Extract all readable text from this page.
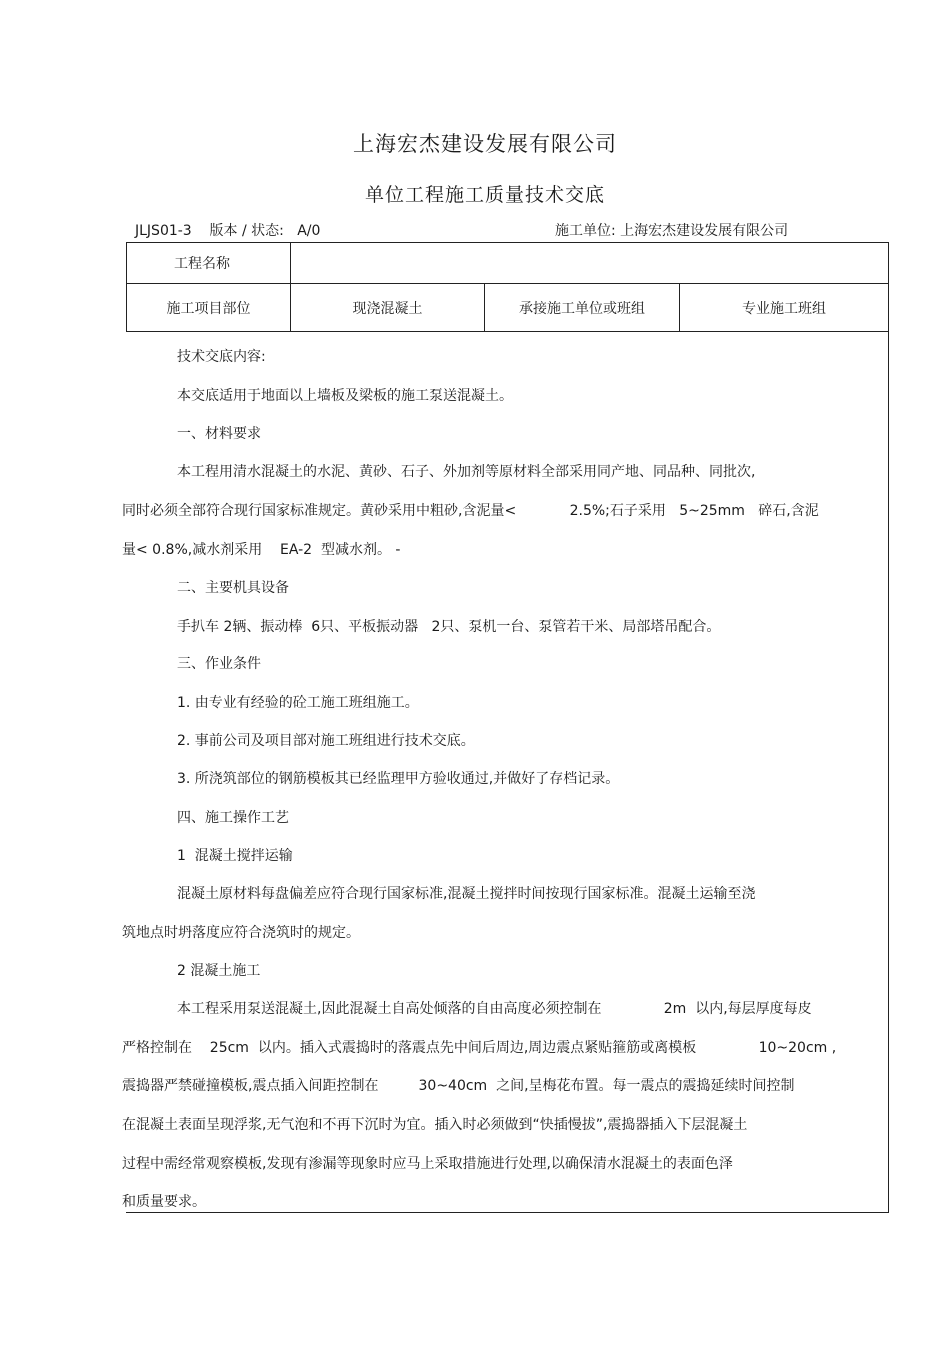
上海宏杰建设发展有限公司
单位工程施工质量技术交底
JLJS01-3 版本 / 状态: A/0	施工单位: 上海宏杰建设发展有限公司
工程名称
施工项目部位	现浇混凝土	承接施工单位或班组	专业施工班组
技术交底内容:
本交底适用于地面以上墙板及梁板的施工泵送混凝土。
一、材料要求
本工程用清水混凝土的水泥、黄砂、石子、外加剂等原材料全部采用同产地、同品种、同批次,
同时必须全部符合现行国家标准规定。黄砂采用中粗砂,含泥量<            2.5%;石子采用   5~25mm   碎石,含泥
量< 0.8%,减水剂采用    EA-2  型减水剂。 -
二、主要机具设备
手扒车 2辆、振动棒  6只、平板振动器   2只、泵机一台、泵管若干米、局部塔吊配合。
三、作业条件
1. 由专业有经验的砼工施工班组施工。
2. 事前公司及项目部对施工班组进行技术交底。
3. 所浇筑部位的钢筋模板其已经监理甲方验收通过,并做好了存档记录。
四、施工操作工艺
1  混凝土搅拌运输
混凝土原材料每盘偏差应符合现行国家标准,混凝土搅拌时间按现行国家标准。混凝土运输至浇
筑地点时坍落度应符合浇筑时的规定。
2 混凝土施工
本工程采用泵送混凝土,因此混凝土自高处倾落的自由高度必须控制在              2m  以内,每层厚度每皮
严格控制在    25cm  以内。插入式震捣时的落震点先中间后周边,周边震点紧贴箍筋或离模板              10~20cm ,
震捣器严禁碰撞模板,震点插入间距控制在         30~40cm  之间,呈梅花布置。每一震点的震捣延续时间控制
在混凝土表面呈现浮浆,无气泡和不再下沉时为宜。插入时必须做到“快插慢拔”,震捣器插入下层混凝土
过程中需经常观察模板,发现有渗漏等现象时应马上采取措施进行处理,以确保清水混凝土的表面色泽
和质量要求。
